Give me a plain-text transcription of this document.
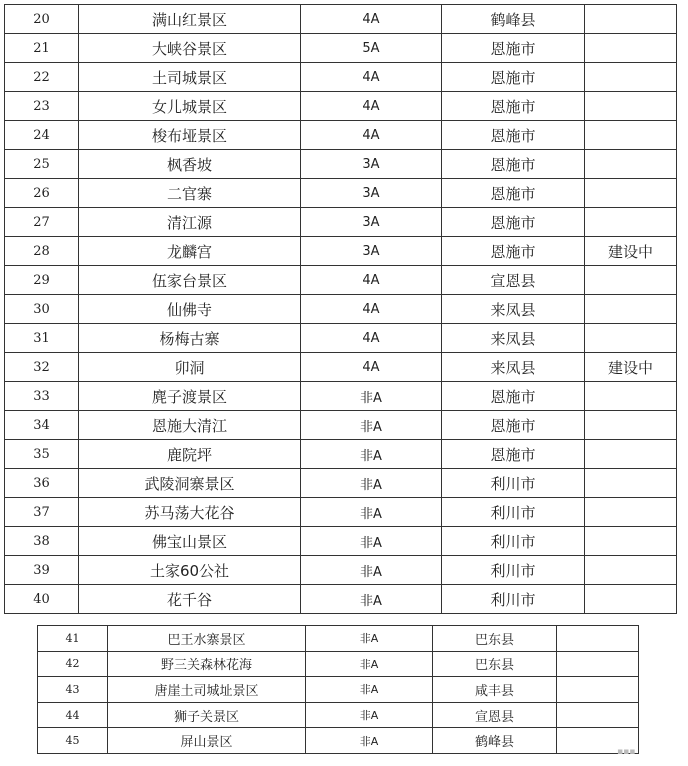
20	满山红景区	4A	鹤峰县	
21	大峡谷景区	5A	恩施市	
22	土司城景区	4A	恩施市	
23	女儿城景区	4A	恩施市	
24	梭布垭景区	4A	恩施市	
25	枫香坡	3A	恩施市	
26	二官寨	3A	恩施市	
27	清江源	3A	恩施市	
28	龙麟宫	3A	恩施市	建设中
29	伍家台景区	4A	宣恩县	
30	仙佛寺	4A	来凤县	
31	杨梅古寨	4A	来凤县	
32	卯洞	4A	来凤县	建设中
33	麂子渡景区	非A	恩施市	
34	恩施大清江	非A	恩施市	
35	鹿院坪	非A	恩施市	
36	武陵洞寨景区	非A	利川市	
37	苏马荡大花谷	非A	利川市	
38	佛宝山景区	非A	利川市	
39	土家60公社	非A	利川市	
40	花千谷	非A	利川市	
41	巴王水寨景区	非A	巴东县	
42	野三关森林花海	非A	巴东县	
43	唐崖土司城址景区	非A	咸丰县	
44	狮子关景区	非A	宣恩县	
45	屏山景区	非A	鹤峰县	
▪▪▪
